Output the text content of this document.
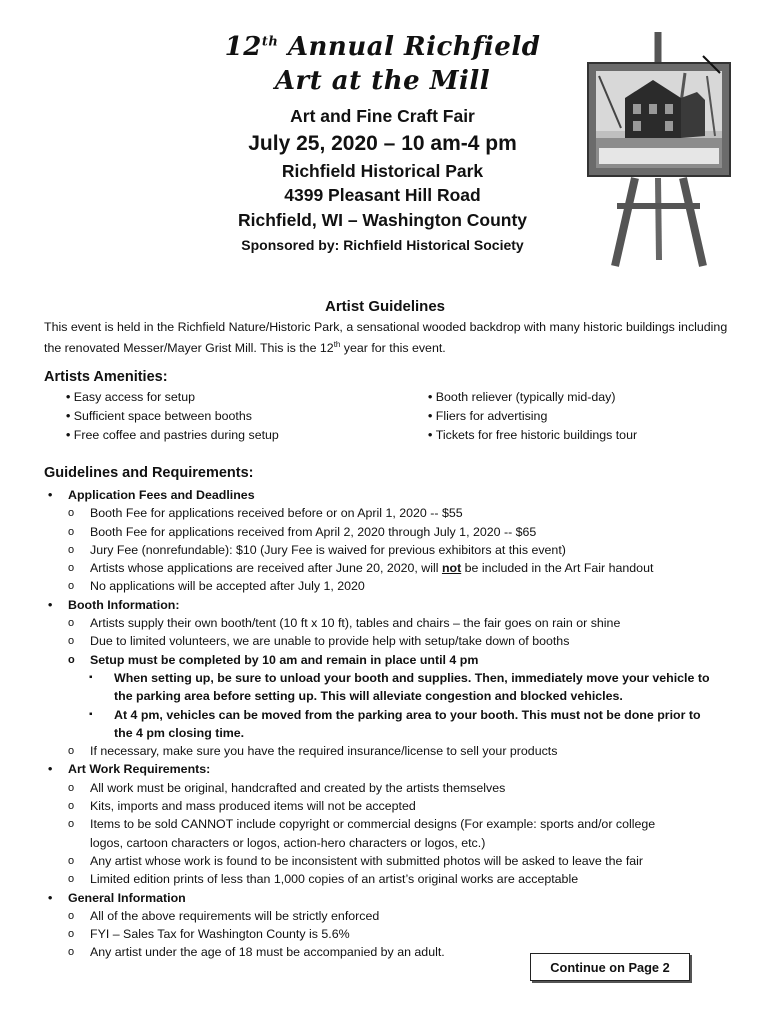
12th Annual Richfield
Art at the Mill
Art and Fine Craft Fair
July 25, 2020 – 10 am-4 pm
Richfield Historical Park
4399 Pleasant Hill Road
Richfield, WI – Washington County
Sponsored by: Richfield Historical Society
Artist Guidelines
This event is held in the Richfield Nature/Historic Park, a sensational wooded backdrop with many historic buildings including the renovated Messer/Mayer Grist Mill. This is the 12th year for this event.
Artists Amenities:
• Easy access for setup
• Sufficient space between booths
• Free coffee and pastries during setup
• Booth reliever (typically mid-day)
• Fliers for advertising
• Tickets for free historic buildings tour
Guidelines and Requirements:
• Application Fees and Deadlines
o Booth Fee for applications received before or on April 1, 2020 -- $55
o Booth Fee for applications received from April 2, 2020 through July 1, 2020 -- $65
o Jury Fee (nonrefundable): $10 (Jury Fee is waived for previous exhibitors at this event)
o Artists whose applications are received after June 20, 2020, will not be included in the Art Fair handout
o No applications will be accepted after July 1, 2020
• Booth Information:
o Artists supply their own booth/tent (10 ft x 10 ft), tables and chairs – the fair goes on rain or shine
o Due to limited volunteers, we are unable to provide help with setup/take down of booths
o Setup must be completed by 10 am and remain in place until 4 pm
▪ When setting up, be sure to unload your booth and supplies. Then, immediately move your vehicle to
the parking area before setting up. This will alleviate congestion and blocked vehicles.
▪ At 4 pm, vehicles can be moved from the parking area to your booth. This must not be done prior to
the 4 pm closing time.
o If necessary, make sure you have the required insurance/license to sell your products
• Art Work Requirements:
o All work must be original, handcrafted and created by the artists themselves
o Kits, imports and mass produced items will not be accepted
o Items to be sold CANNOT include copyright or commercial designs (For example: sports and/or college
logos, cartoon characters or logos, action-hero characters or logos, etc.)
o Any artist whose work is found to be inconsistent with submitted photos will be asked to leave the fair
o Limited edition prints of less than 1,000 copies of an artist’s original works are acceptable
• General Information
o All of the above requirements will be strictly enforced
o FYI – Sales Tax for Washington County is 5.6%
o Any artist under the age of 18 must be accompanied by an adult.
Continue on Page 2
